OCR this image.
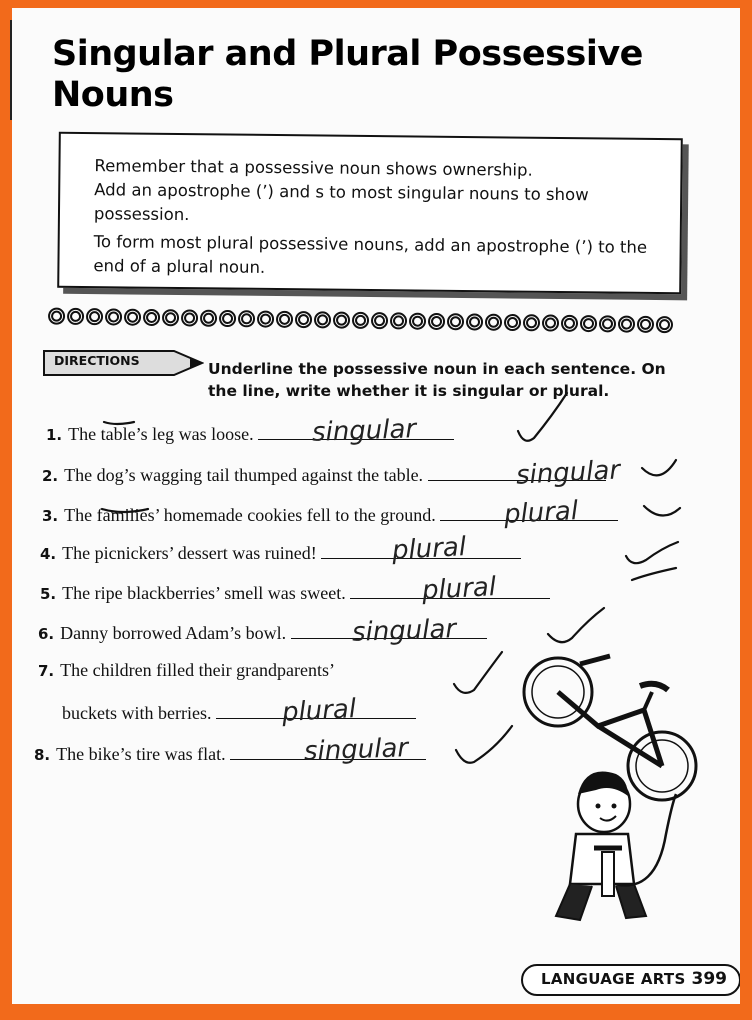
Singular and Plural Possessive Nouns

Remember that a possessive noun shows ownership.

Add an apostrophe (’) and s to most singular nouns to show

possession.

To form most plural possessive nouns, add an apostrophe (’) to the

end of a plural noun.

DIRECTIONS	Underline the possessive noun in each sentence. On the line, write whether it is singular or plural.
1. The table’s leg was loose.
2. The dog’s wagging tail thumped against the table.
3. The families’ homemade cookies fell to the ground.
4. The picnickers’ dessert was ruined!
5. The ripe blackberries’ smell was sweet.
6. Danny borrowed Adam’s bowl.
7. The children filled their grandparents’
buckets with berries.
8. The bike’s tire was flat.
singular
singular
plural
plural
plural
singular
plural
singular
LANGUAGE ARTS 399
